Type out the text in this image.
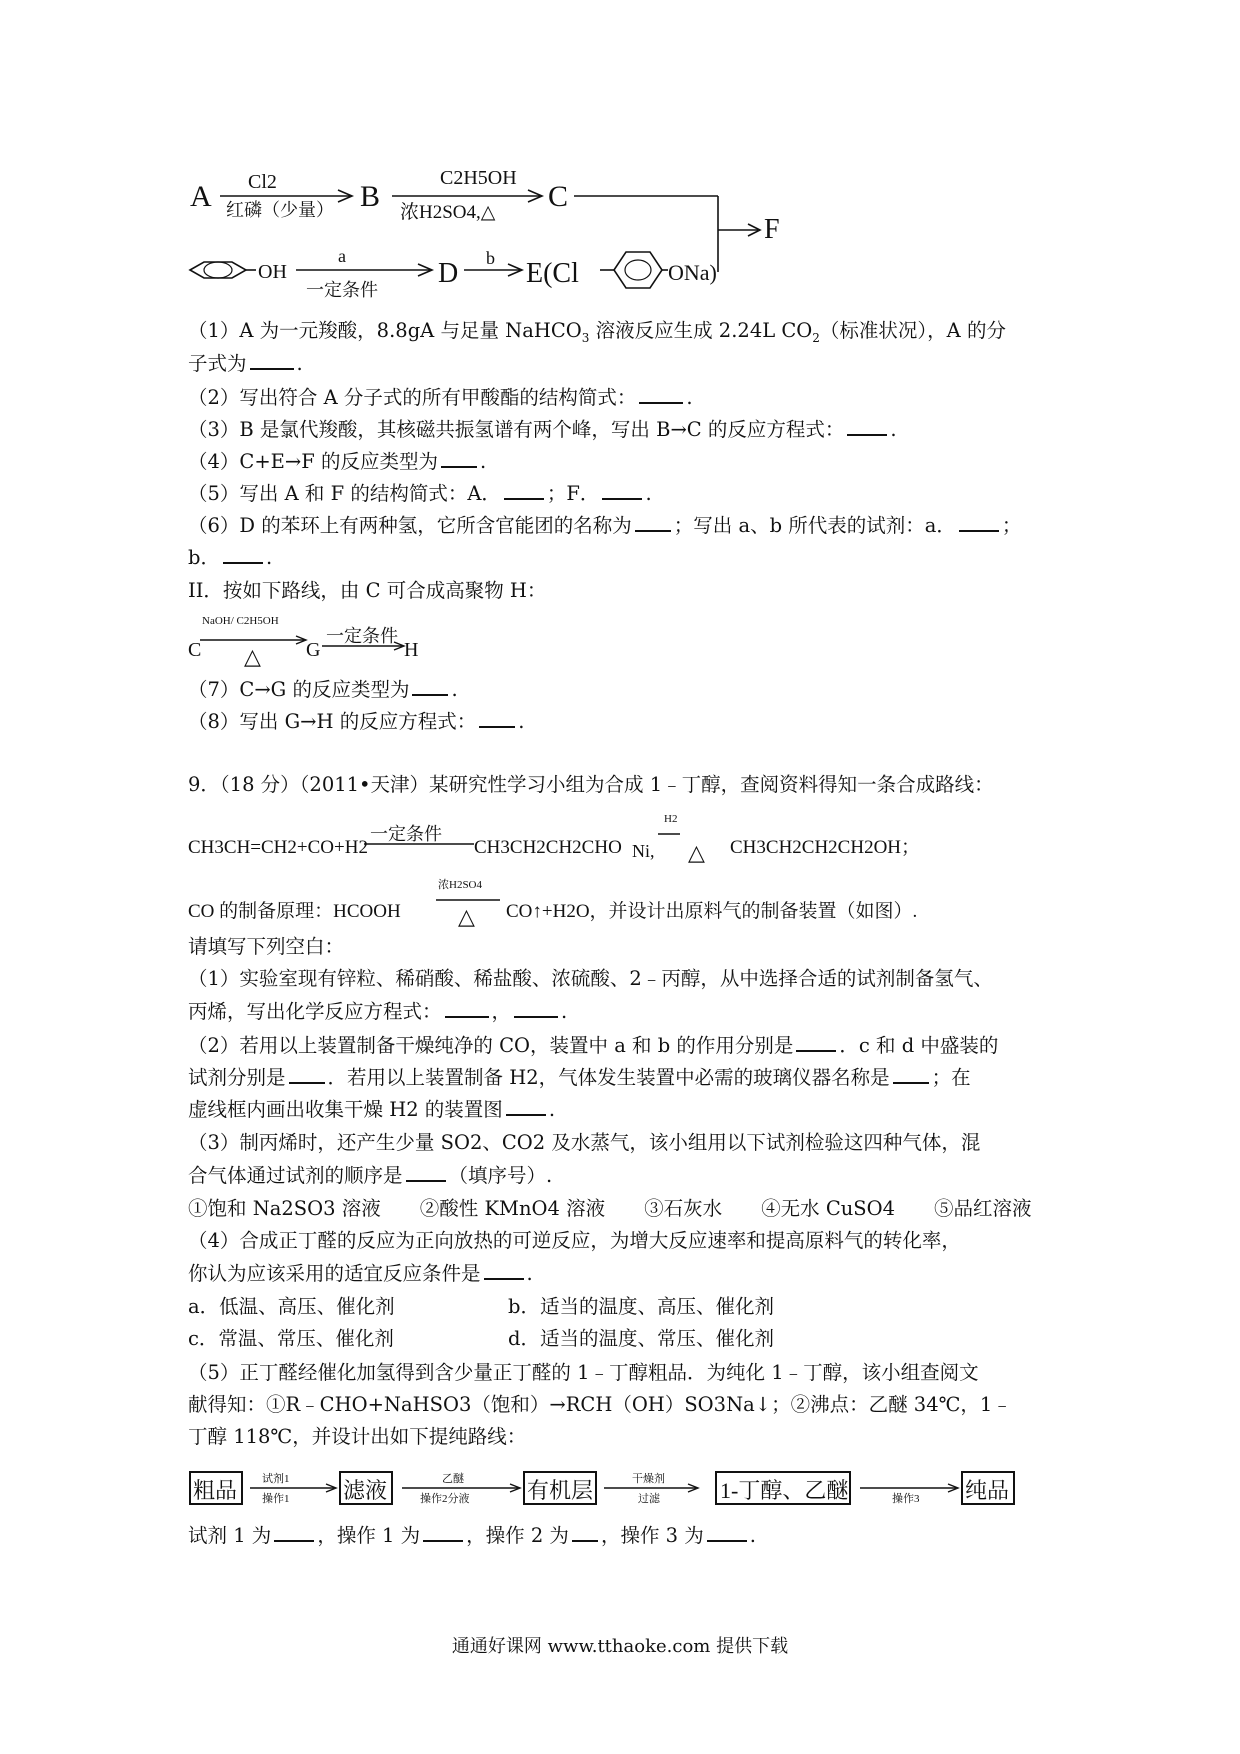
A Cl2
红磷（少量） B
C2H5OH
浓H2SO4,△ C
F
OH
a
一定条件
D b E(Cl	ONa)
（1）A 为一元羧酸，8.8gA 与足量 NaHCO$_3$ 溶液反应生成 2.24L $CO_2$（标准状况），A 的分
子式为	.
（2）写出符合 A 分子式的所有甲酸酯的结构简式：	.
（3）B 是氯代羧酸，其核磁共振氢谱有两个峰，写出 B→C 的反应方程式： .
（4）C+E→F 的反应类型为 .
（5）写出 A 和 F 的结构简式：A． ；F． .
（6）D 的苯环上有两种氢，它所含官能团的名称为 ；写出 a、b 所代表的试剂：a． ；
b． .
II．按如下路线，由 C 可合成高聚物 H：
C
NaOH/ C2H5OH
△ G
一定条件
H
（7）C→G 的反应类型为 .
（8）写出 G→H 的反应方程式： .
9．（18 分）（2011•天津）某研究性学习小组为合成 1﹣丁醇，查阅资料得知一条合成路线：
CH3CH=CH2+CO+H2
一定条件
CH3CH2CH2CHO Ni,
H2
△ CH3CH2CH2CH2OH；
CO 的制备原理：HCOOH
浓H2SO4
△ CO↑+H2O，并设计出原料气的制备装置（如图）.
请填写下列空白：
（1）实验室现有锌粒、稀硝酸、稀盐酸、浓硫酸、2﹣丙醇，从中选择合适的试剂制备氢气、
丙烯，写出化学反应方程式：	，	.
（2）若用以上装置制备干燥纯净的 CO，装置中 a 和 b 的作用分别是 ．c 和 d 中盛装的
试剂分别是 ．若用以上装置制备 H2，气体发生装置中必需的玻璃仪器名称是 ；在
虚线框内画出收集干燥 H2 的装置图 .
（3）制丙烯时，还产生少量 SO2、CO2 及水蒸气，该小组用以下试剂检验这四种气体，混
合气体通过试剂的顺序是 （填序号）.
①饱和 Na2SO3 溶液　　②酸性 KMnO4 溶液　　③石灰水　　④无水 CuSO4　　⑤品红溶液
（4）合成正丁醛的反应为正向放热的可逆反应，为增大反应速率和提高原料气的转化率，
你认为应该采用的适宜反应条件是 .
a．低温、高压、催化剂	b．适当的温度、高压、催化剂
c．常温、常压、催化剂	d．适当的温度、常压、催化剂
（5）正丁醛经催化加氢得到含少量正丁醛的 1﹣丁醇粗品．为纯化 1﹣丁醇，该小组查阅文
献得知：①R﹣CHO+NaHSO3（饱和）→RCH（OH）SO3Na↓；②沸点：乙醚 34℃，1﹣
丁醇 118℃，并设计出如下提纯路线：
粗品 试剂1
操作1 滤液	乙醚
操作2分液	有机层	干燥剂
过滤	1-丁醇、乙醚	操作3 纯品
试剂 1 为 ，操作 1 为 ，操作 2 为 ，操作 3 为 .
通通好课网 www.tthaoke.com 提供下载
